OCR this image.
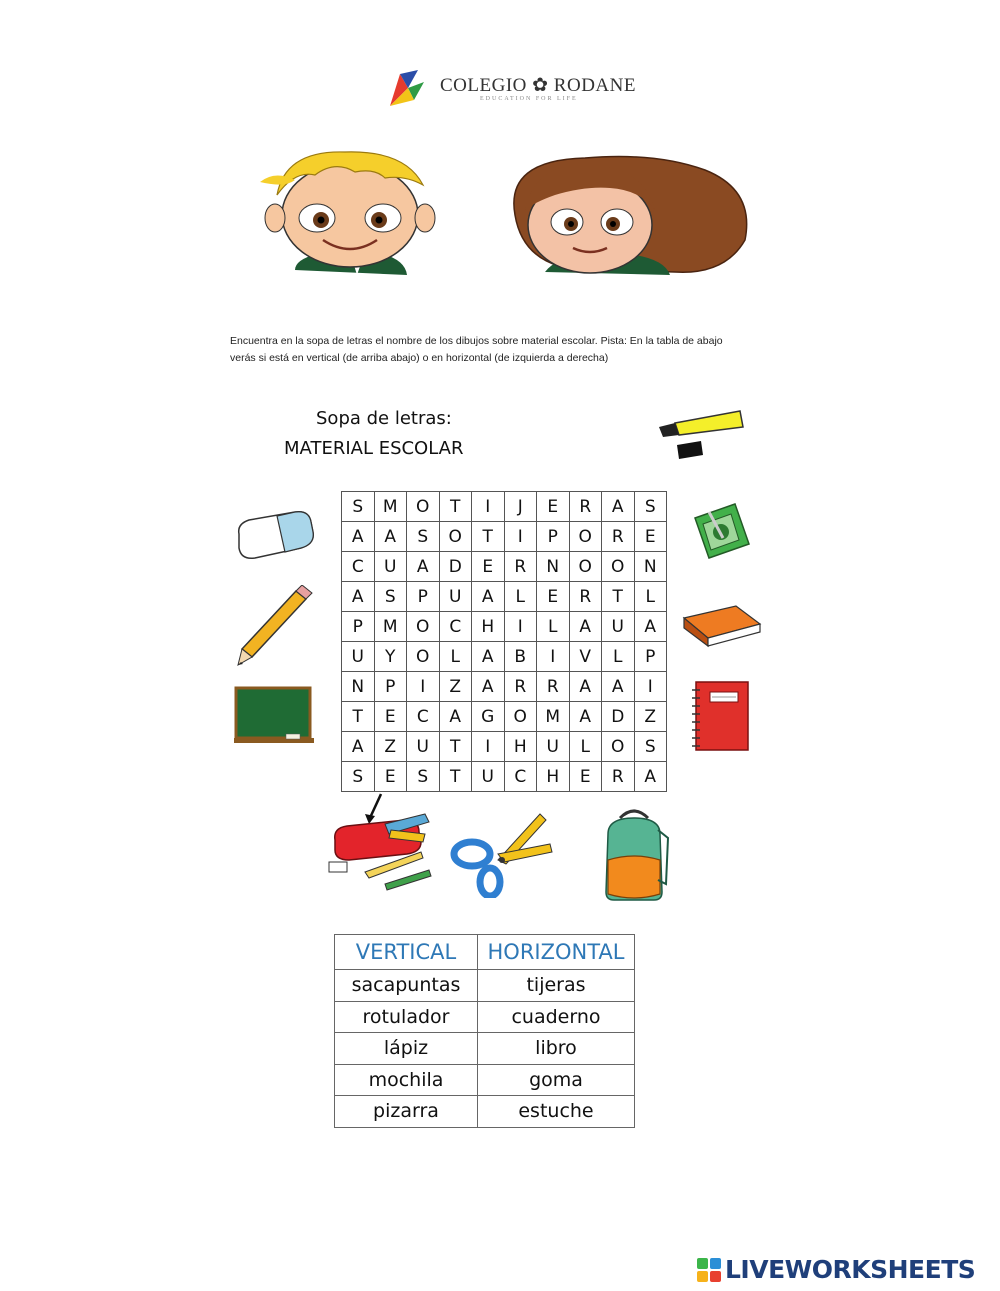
COLEGIO ✿ RODANE
EDUCATION FOR LIFE
Encuentra en la sopa de letras el nombre de los dibujos sobre material escolar. Pista: En la tabla de abajo verás si está en vertical (de arriba abajo) o en horizontal (de izquierda a derecha)
Sopa de letras:
MATERIAL ESCOLAR
S	M	O	T	I	J	E	R	A	S
A	A	S	O	T	I	P	O	R	E
C	U	A	D	E	R	N	O	O	N
A	S	P	U	A	L	E	R	T	L
P	M	O	C	H	I	L	A	U	A
U	Y	O	L	A	B	I	V	L	P
N	P	I	Z	A	R	R	A	A	I
T	E	C	A	G	O	M	A	D	Z
A	Z	U	T	I	H	U	L	O	S
S	E	S	T	U	C	H	E	R	A
VERTICAL	HORIZONTAL
sacapuntas	tijeras
rotulador	cuaderno
lápiz	libro
mochila	goma
pizarra	estuche
LIVEWORKSHEETS
